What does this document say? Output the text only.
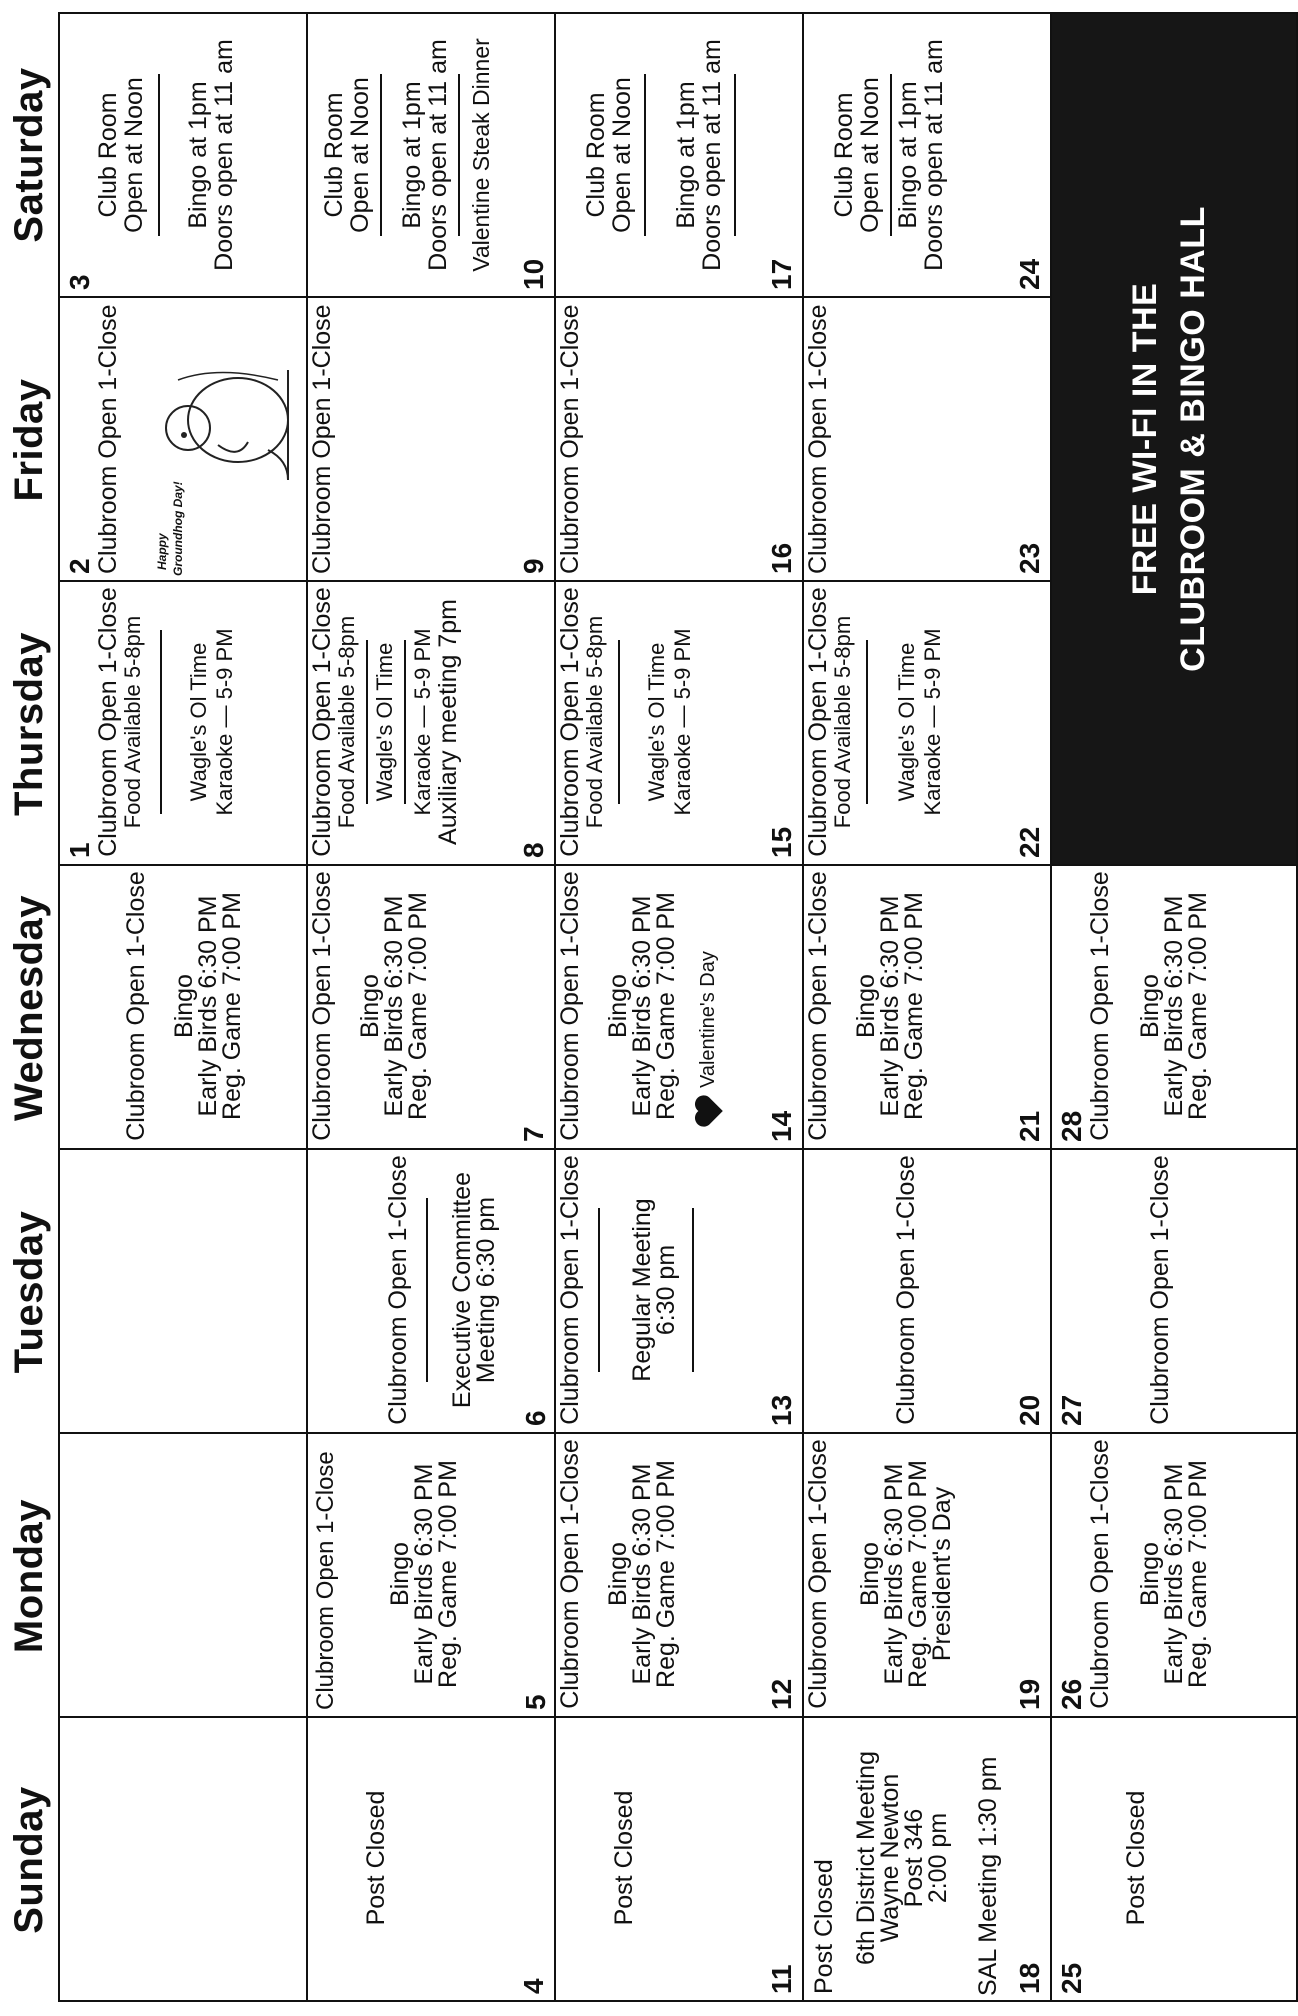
Sunday
Monday
Tuesday
Wednesday
Thursday
Friday
Saturday
Clubroom Open 1-Close Bingo
Early Birds 6:30 PM
Reg. Game 7:00 PM
1 Clubroom Open 1-Close
Food Available 5-8pm Wagle's Ol Time Karaoke — 5-9 PM
2 Clubroom Open 1-Close	Happy Groundhog Day!
3
Club Room
Open at Noon Bingo at 1pm
Doors open at 11 am
4
Post Closed
5
Clubroom Open 1-Close Bingo
Early Birds 6:30 PM
Reg. Game 7:00 PM
6
Clubroom Open 1-Close Executive Committee
Meeting 6:30 pm
7
Clubroom Open 1-Close Bingo
Early Birds 6:30 PM
Reg. Game 7:00 PM
8
Clubroom Open 1-Close
Food Available 5-8pm Wagle's Ol Time Karaoke — 5-9 PM Auxiliary meeting 7pm
9
Clubroom Open 1-Close
10
Club Room
Open at Noon Bingo at 1pm
Doors open at 11 am Valentine Steak Dinner
11
Post Closed
12
Clubroom Open 1-Close Bingo
Early Birds 6:30 PM
Reg. Game 7:00 PM
13
Clubroom Open 1-Close Regular Meeting
6:30 pm
14
Clubroom Open 1-Close Bingo
Early Birds 6:30 PM
Reg. Game 7:00 PM Valentine's Day
15
Clubroom Open 1-Close
Food Available 5-8pm Wagle's Ol Time Karaoke — 5-9 PM
16
Clubroom Open 1-Close
17
Club Room
Open at Noon Bingo at 1pm
Doors open at 11 am
18
Post Closed 6th District Meeting
Wayne Newton
Post 346
2:00 pm SAL Meeting 1:30 pm
19
Clubroom Open 1-Close Bingo
Early Birds 6:30 PM
Reg. Game 7:00 PM
President's Day
20
Clubroom Open 1-Close
21
Clubroom Open 1-Close Bingo
Early Birds 6:30 PM
Reg. Game 7:00 PM
22
Clubroom Open 1-Close
Food Available 5-8pm Wagle's Ol Time Karaoke — 5-9 PM
23
Clubroom Open 1-Close
24
Club Room
Open at Noon Bingo at 1pm
Doors open at 11 am
25
Post Closed
26 Clubroom Open 1-Close Bingo
Early Birds 6:30 PM
Reg. Game 7:00 PM
27 Clubroom Open 1-Close
28 Clubroom Open 1-Close Bingo
Early Birds 6:30 PM
Reg. Game 7:00 PM
FREE WI-FI IN THE CLUBROOM & BINGO HALL
